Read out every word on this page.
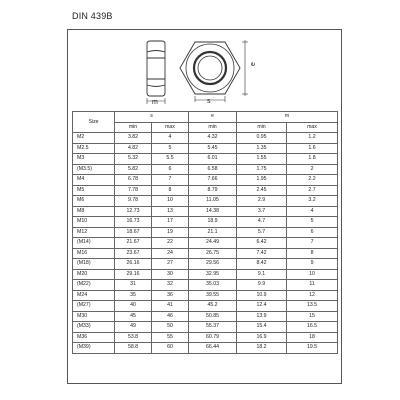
DIN 439B
m	s
e
Size	s		e	m	
	min	max	min	min	max
M2	3.82	4	4.32	0.95	1.2
M2.5	4.82	5	5.45	1.35	1.6
M3	5.32	5.5	6.01	1.55	1.8
(M3.5)	5.82	6	6.58	1.75	2
M4	6.78	7	7.66	1.95	2.2
M5	7.78	8	8.79	2.45	2.7
M6	9.78	10	11.05	2.9	3.2
M8	12.73	13	14.38	3.7	4
M10	16.73	17	18.9	4.7	5
M12	18.67	19	21.1	5.7	6
(M14)	21.67	22	24.49	6.42	7
M16	23.67	24	26.75	7.42	8
(M18)	26.16	27	29.56	8.42	9
M20	29.16	30	32.95	9.1	10
(M22)	31	32	35.03	9.9	11
M24	35	36	39.55	10.9	12
(M27)	40	41	45.2	12.4	13.5
M30	45	46	50.85	13.9	15
(M33)	49	50	55.37	15.4	16.5
M36	53.8	55	60.79	16.9	18
(M39)	58.8	60	66.44	18.2	19.5
